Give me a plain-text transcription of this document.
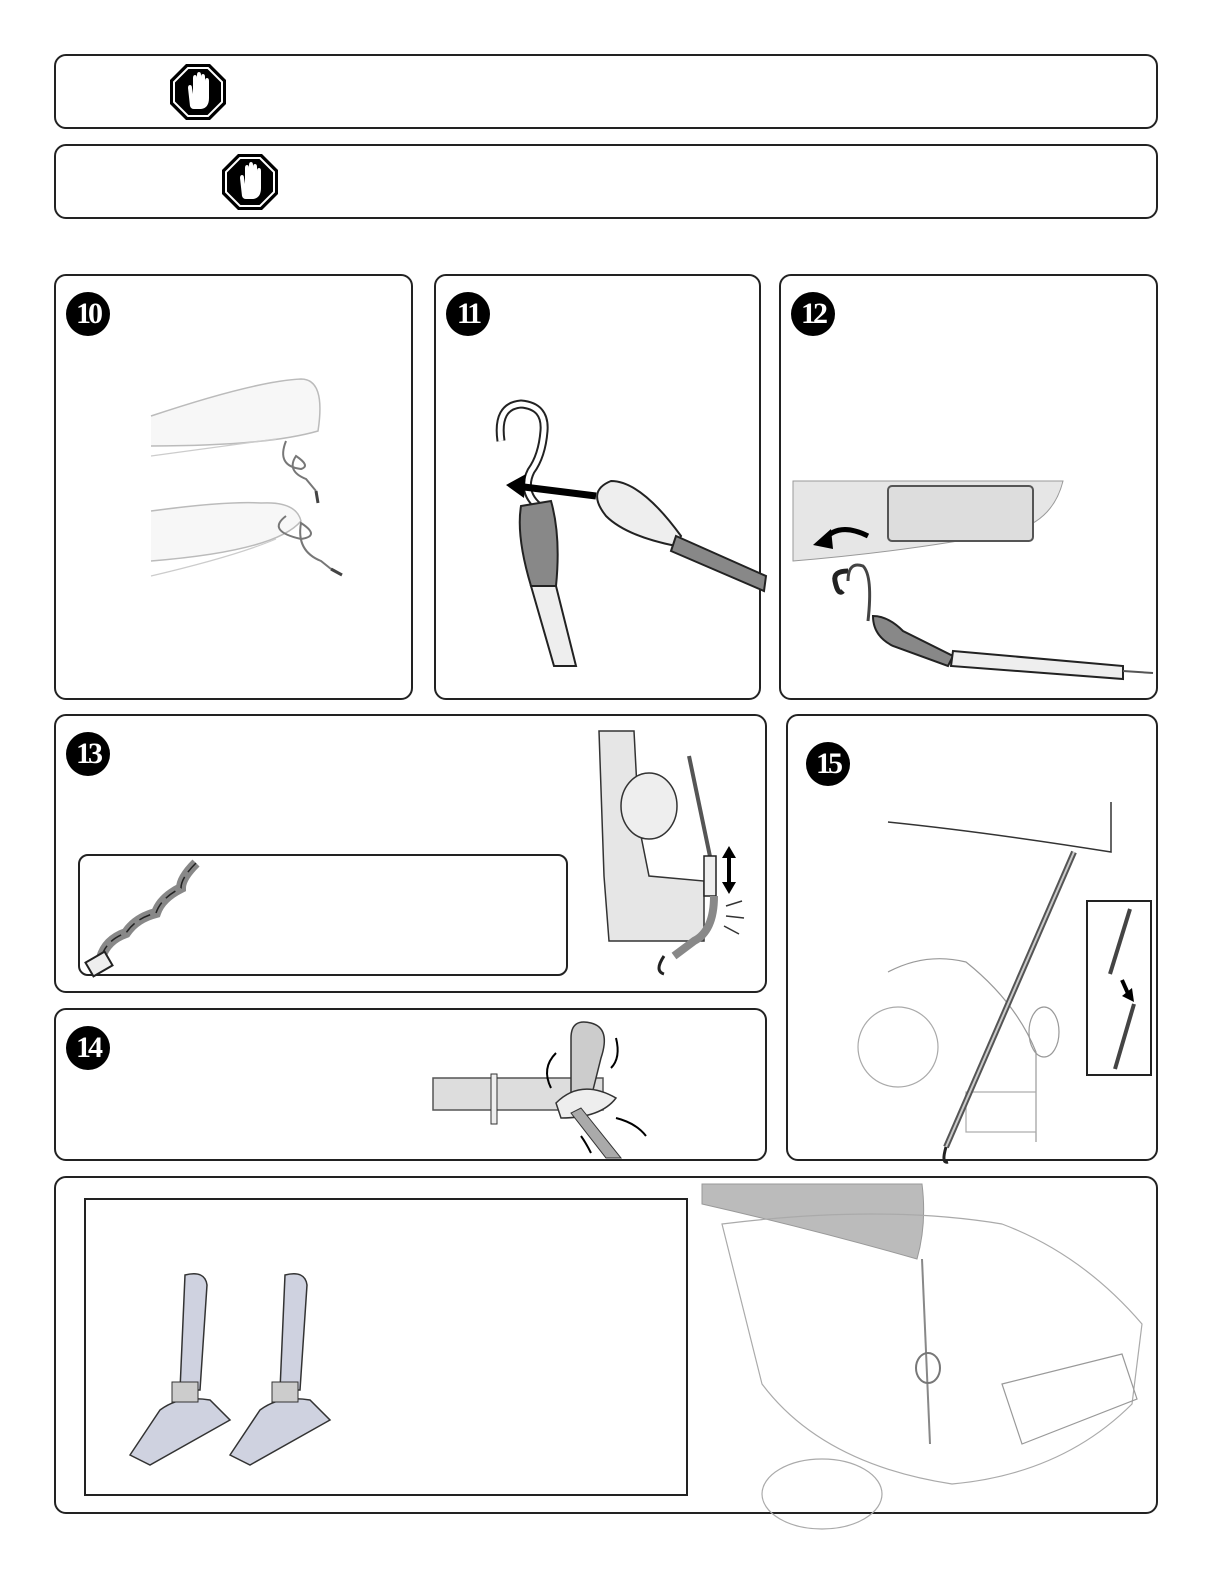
10	11	12
13
14
15
